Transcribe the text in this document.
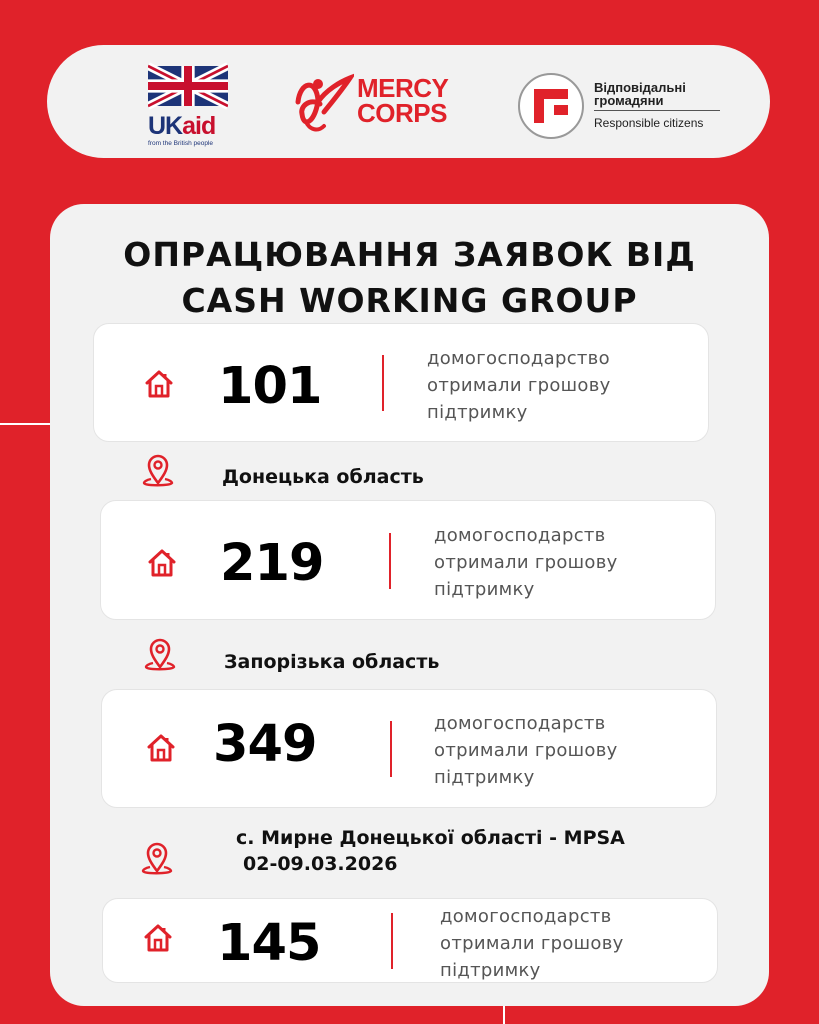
UKaid
from the British people
MERCY
CORPS
Відповідальні громадяни
Responsible citizens
ОПРАЦЮВАННЯ ЗАЯВОК ВІД
CASH WORKING GROUP
101	домогосподарство
отримали грошову
підтримку
Донецька область
219	домогосподарств
отримали грошову
підтримку
Запорізька область
349	домогосподарств
отримали грошову
підтримку
с. Мирне Донецької області - MPSA
02-09.03.2026
145	домогосподарств
отримали грошову
підтримку
